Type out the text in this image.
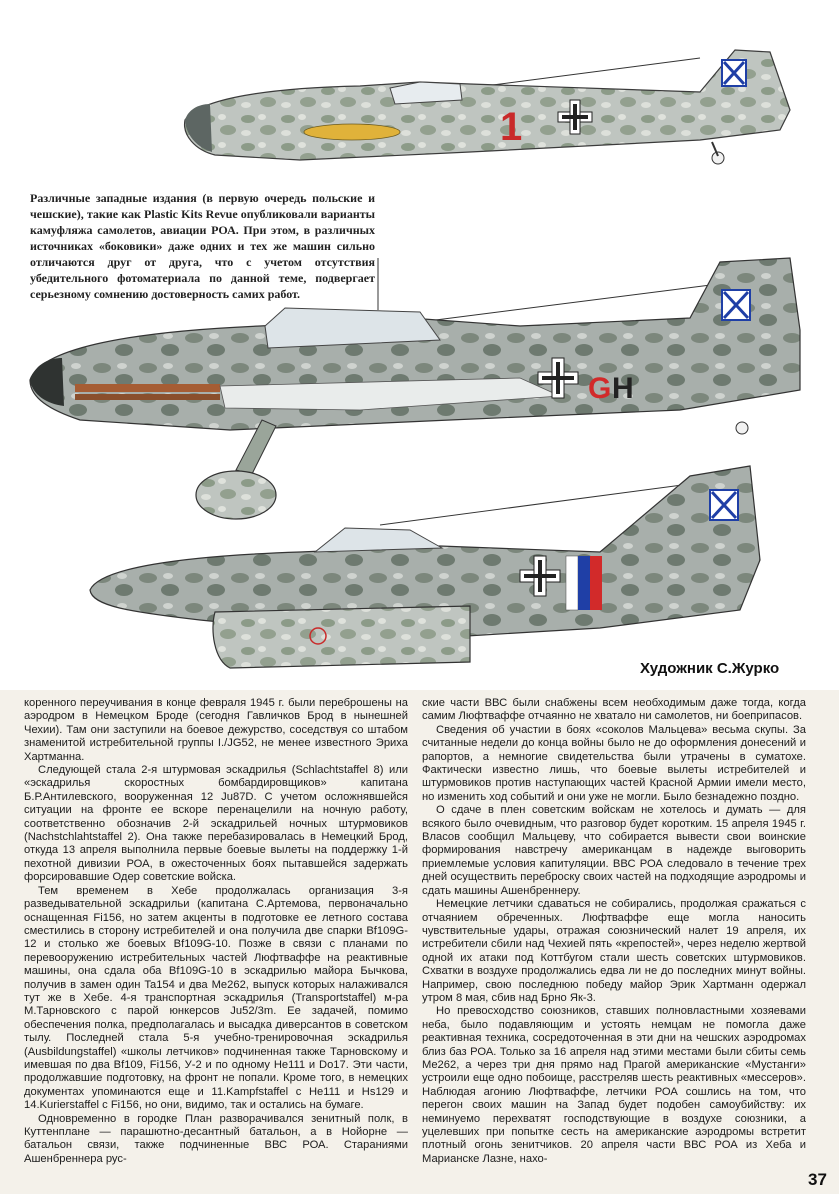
1
G H
Различные западные издания (в первую очередь польские и чешские), такие как Plastic Kits Revue опубликовали варианты камуфляжа самолетов, авиации РОА. При этом, в различных источниках «боковики» даже одних и тех же машин сильно отличаются друг от друга, что с учетом отсутствия убедительного фотоматериала по данной теме, подвергает серьезному сомнению достоверность самих работ.
Художник С.Журко

коренного переучивания в конце февраля 1945 г. были переброшены на аэродром в Немецком Броде (сегодня Гавличков Брод в нынешней Чехии). Там они заступили на боевое дежурство, соседствуя со штабом знаменитой истребительной группы I./JG52, не менее известного Эриха Хартманна.

Следующей стала 2-я штурмовая эскадрилья (Schlachtstaffel 8) или «эскадрилья скоростных бомбардировщиков» капитана Б.Р.Антилевского, вооруженная 12 Ju87D. С учетом осложнявшейся ситуации на фронте ее вскоре перенацелили на ночную работу, соответственно обозначив 2-й эскадрильей ночных штурмовиков (Nachstchlahtstaffel 2). Она также перебазировалась в Немецкий Брод, откуда 13 апреля выполнила первые боевые вылеты на поддержку 1-й пехотной дивизии РОА, в ожесточенных боях пытавшейся задержать форсировавшие Одер советские войска.

Тем временем в Хебе продолжалась организация 3-я разведывательной эскадрильи (капитана С.Артемова, первоначально оснащенная Fi156, но затем акценты в подготовке ее летного состава сместились в сторону истребителей и она получила две спарки Bf109G-12 и столько же боевых Bf109G-10. Позже в связи с планами по перевооружению истребительных частей Люфтваффе на реактивные машины, она сдала оба Bf109G-10 в эскадрилью майора Бычкова, получив в замен один Ta154 и два Me262, выпуск которых налаживался тут же в Хебе. 4-я транспортная эскадрилья (Transportstaffel) м-ра М.Тарновского с парой юнкерсов Ju52/3m. Ее задачей, помимо обеспечения полка, предполагалась и высадка диверсантов в советском тылу. Последней стала 5-я учебно-тренировочная эскадрилья (Ausbildungstaffel) «школы летчиков» подчиненная также Тарновскому и имевшая по два Bf109, Fi156, У-2 и по одному He111 и Do17. Эти части, продолжавшие подготовку, на фронт не попали. Кроме того, в немецких документах упоминаются еще и 11.Kampfstaffel с He111 и Hs129 и 14.Kurierstaffel с Fi156, но они, видимо, так и остались на бумаге.

Одновременно в городке План разворачивался зенитный полк, в Куттенплане — парашютно-десантный батальон, а в Нойорне — батальон связи, также подчиненные ВВС РОА. Стараниями Ашенбреннера рус-

ские части ВВС были снабжены всем необходимым даже тогда, когда самим Люфтваффе отчаянно не хватало ни самолетов, ни боеприпасов.

Сведения об участии в боях «соколов Мальцева» весьма скупы. За считанные недели до конца войны было не до оформления донесений и рапортов, а немногие свидетельства были утрачены в суматохе. Фактически известно лишь, что боевые вылеты истребителей и штурмовиков против наступающих частей Красной Армии имели место, но изменить ход событий и они уже не могли. Было безнадежно поздно.

О сдаче в плен советским войскам не хотелось и думать — для всякого было очевидным, что разговор будет коротким. 15 апреля 1945 г. Власов сообщил Мальцеву, что собирается вывести свои воинские формирования навстречу американцам в надежде выговорить приемлемые условия капитуляции. ВВС РОА следовало в течение трех дней осуществить переброску своих частей на подходящие аэродромы и сдать машины Ашенбреннеру.

Немецкие летчики сдаваться не собирались, продолжая сражаться с отчаянием обреченных. Люфтваффе еще могла наносить чувствительные удары, отражая союзнический налет 19 апреля, их истребители сбили над Чехией пять «крепостей», через неделю жертвой одной их атаки под Коттбугом стали шесть советских штурмовиков. Схватки в воздухе продолжались едва ли не до последних минут войны. Например, свою последнюю победу майор Эрик Хартманн одержал утром 8 мая, сбив над Брно Як-3.

Но превосходство союзников, ставших полновластными хозяевами неба, было подавляющим и устоять немцам не помогла даже реактивная техника, сосредоточенная в эти дни на чешских аэродромах близ баз РОА. Только за 16 апреля над этими местами были сбиты семь Me262, а через три дня прямо над Прагой американские «Мустанги» устроили еще одно побоище, расстреляв шесть реактивных «мессеров». Наблюдая агонию Люфтваффе, летчики РОА сошлись на том, что перегон своих машин на Запад будет подобен самоубийству: их неминуемо перехватят господствующие в воздухе союзники, а уцелевших при попытке сесть на американские аэродромы встретит плотный огонь зенитчиков. 20 апреля части ВВС РОА из Хеба и Марианске Лазне, нахо-

37
